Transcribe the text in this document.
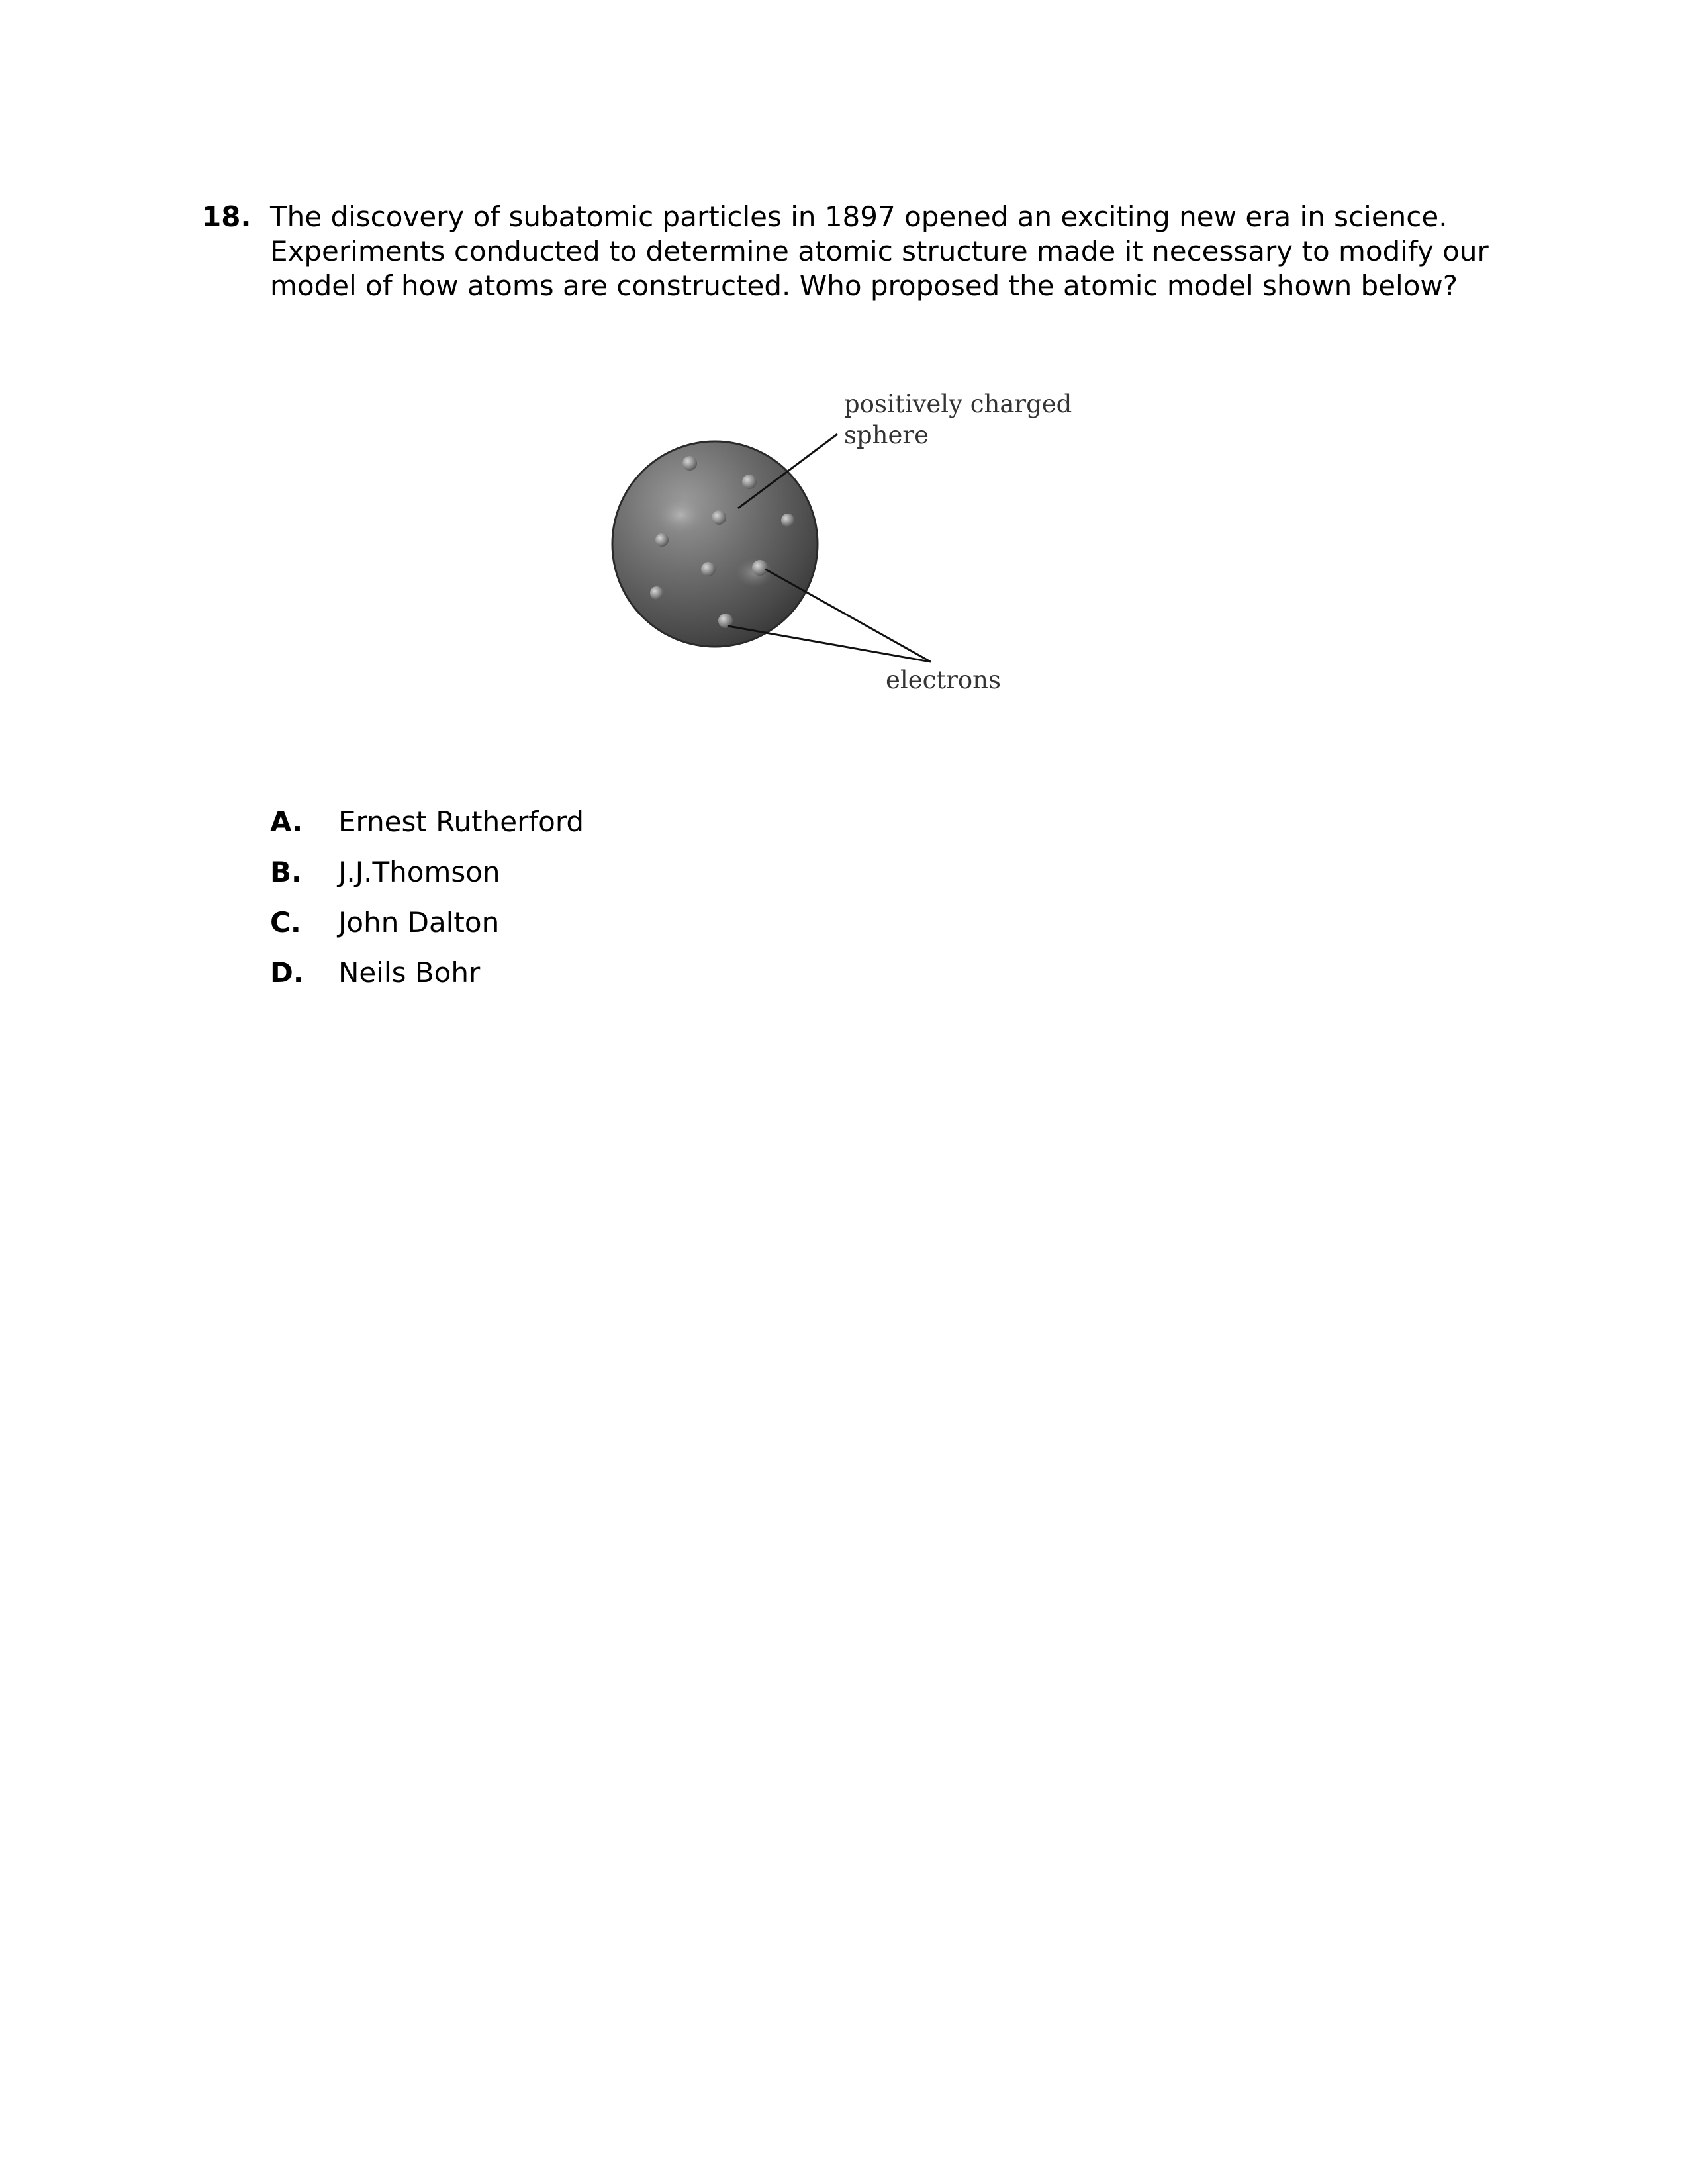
18. The discovery of subatomic particles in 1897 opened an exciting new era in science.
Experiments conducted to determine atomic structure made it necessary to modify our
model of how atoms are constructed. Who proposed the atomic model shown below?
positively charged
sphere
electrons
A. Ernest Rutherford
B. J.J.Thomson
C. John Dalton
D. Neils Bohr
